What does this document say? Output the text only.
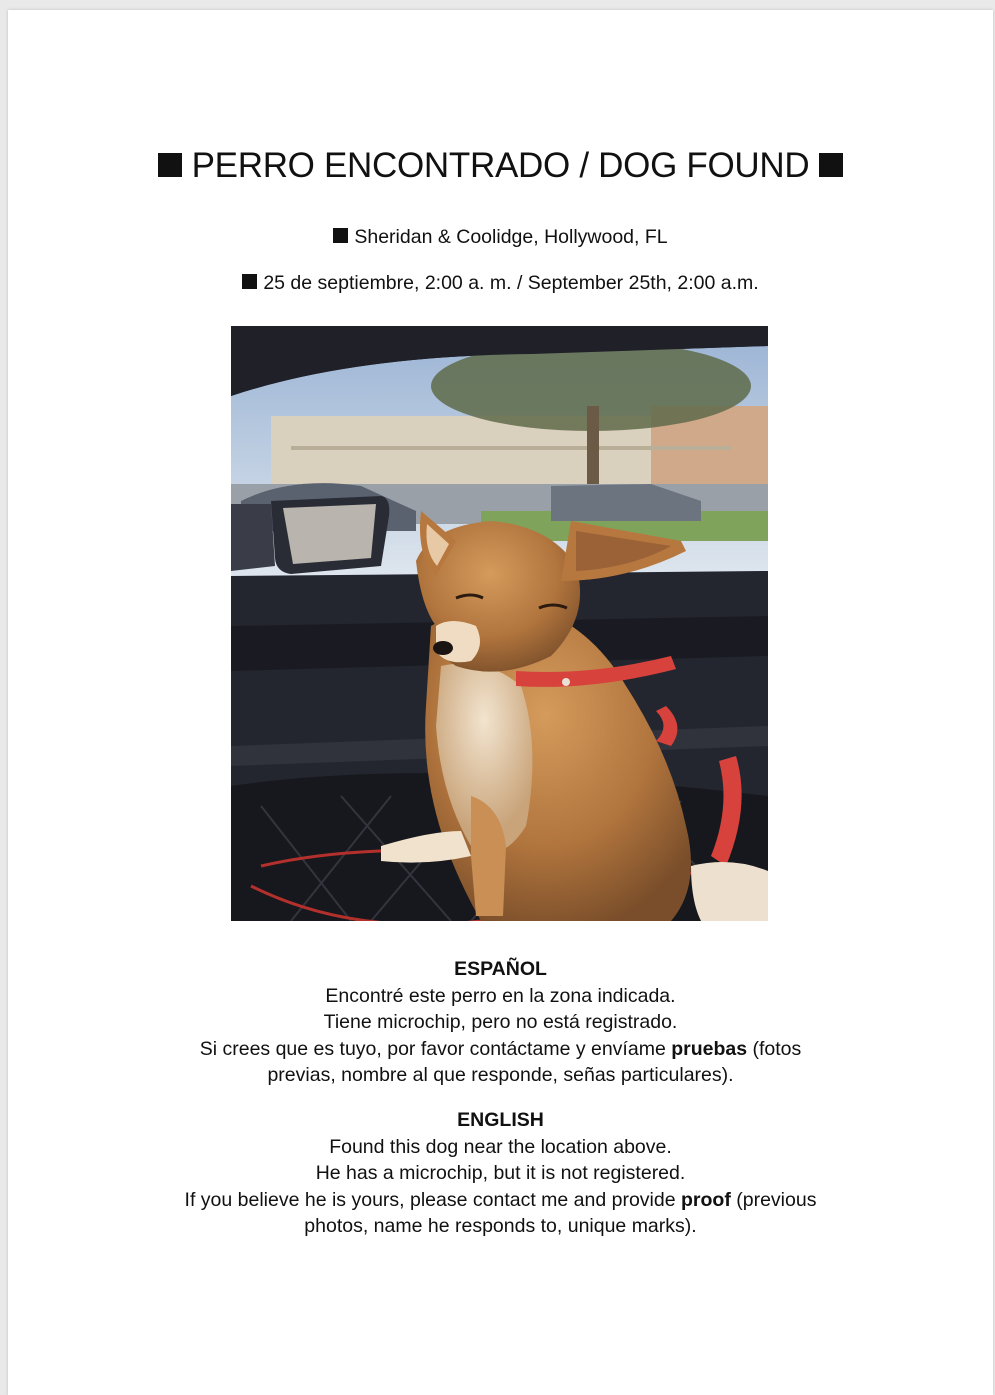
PERRO ENCONTRADO / DOG FOUND
Sheridan & Coolidge, Hollywood, FL
25 de septiembre, 2:00 a. m. / September 25th, 2:00 a.m.
ESPAÑOL
Encontré este perro en la zona indicada.
Tiene microchip, pero no está registrado.
Si crees que es tuyo, por favor contáctame y envíame pruebas (fotos
previas, nombre al que responde, señas particulares).
ENGLISH
Found this dog near the location above.
He has a microchip, but it is not registered.
If you believe he is yours, please contact me and provide proof (previous
photos, name he responds to, unique marks).
